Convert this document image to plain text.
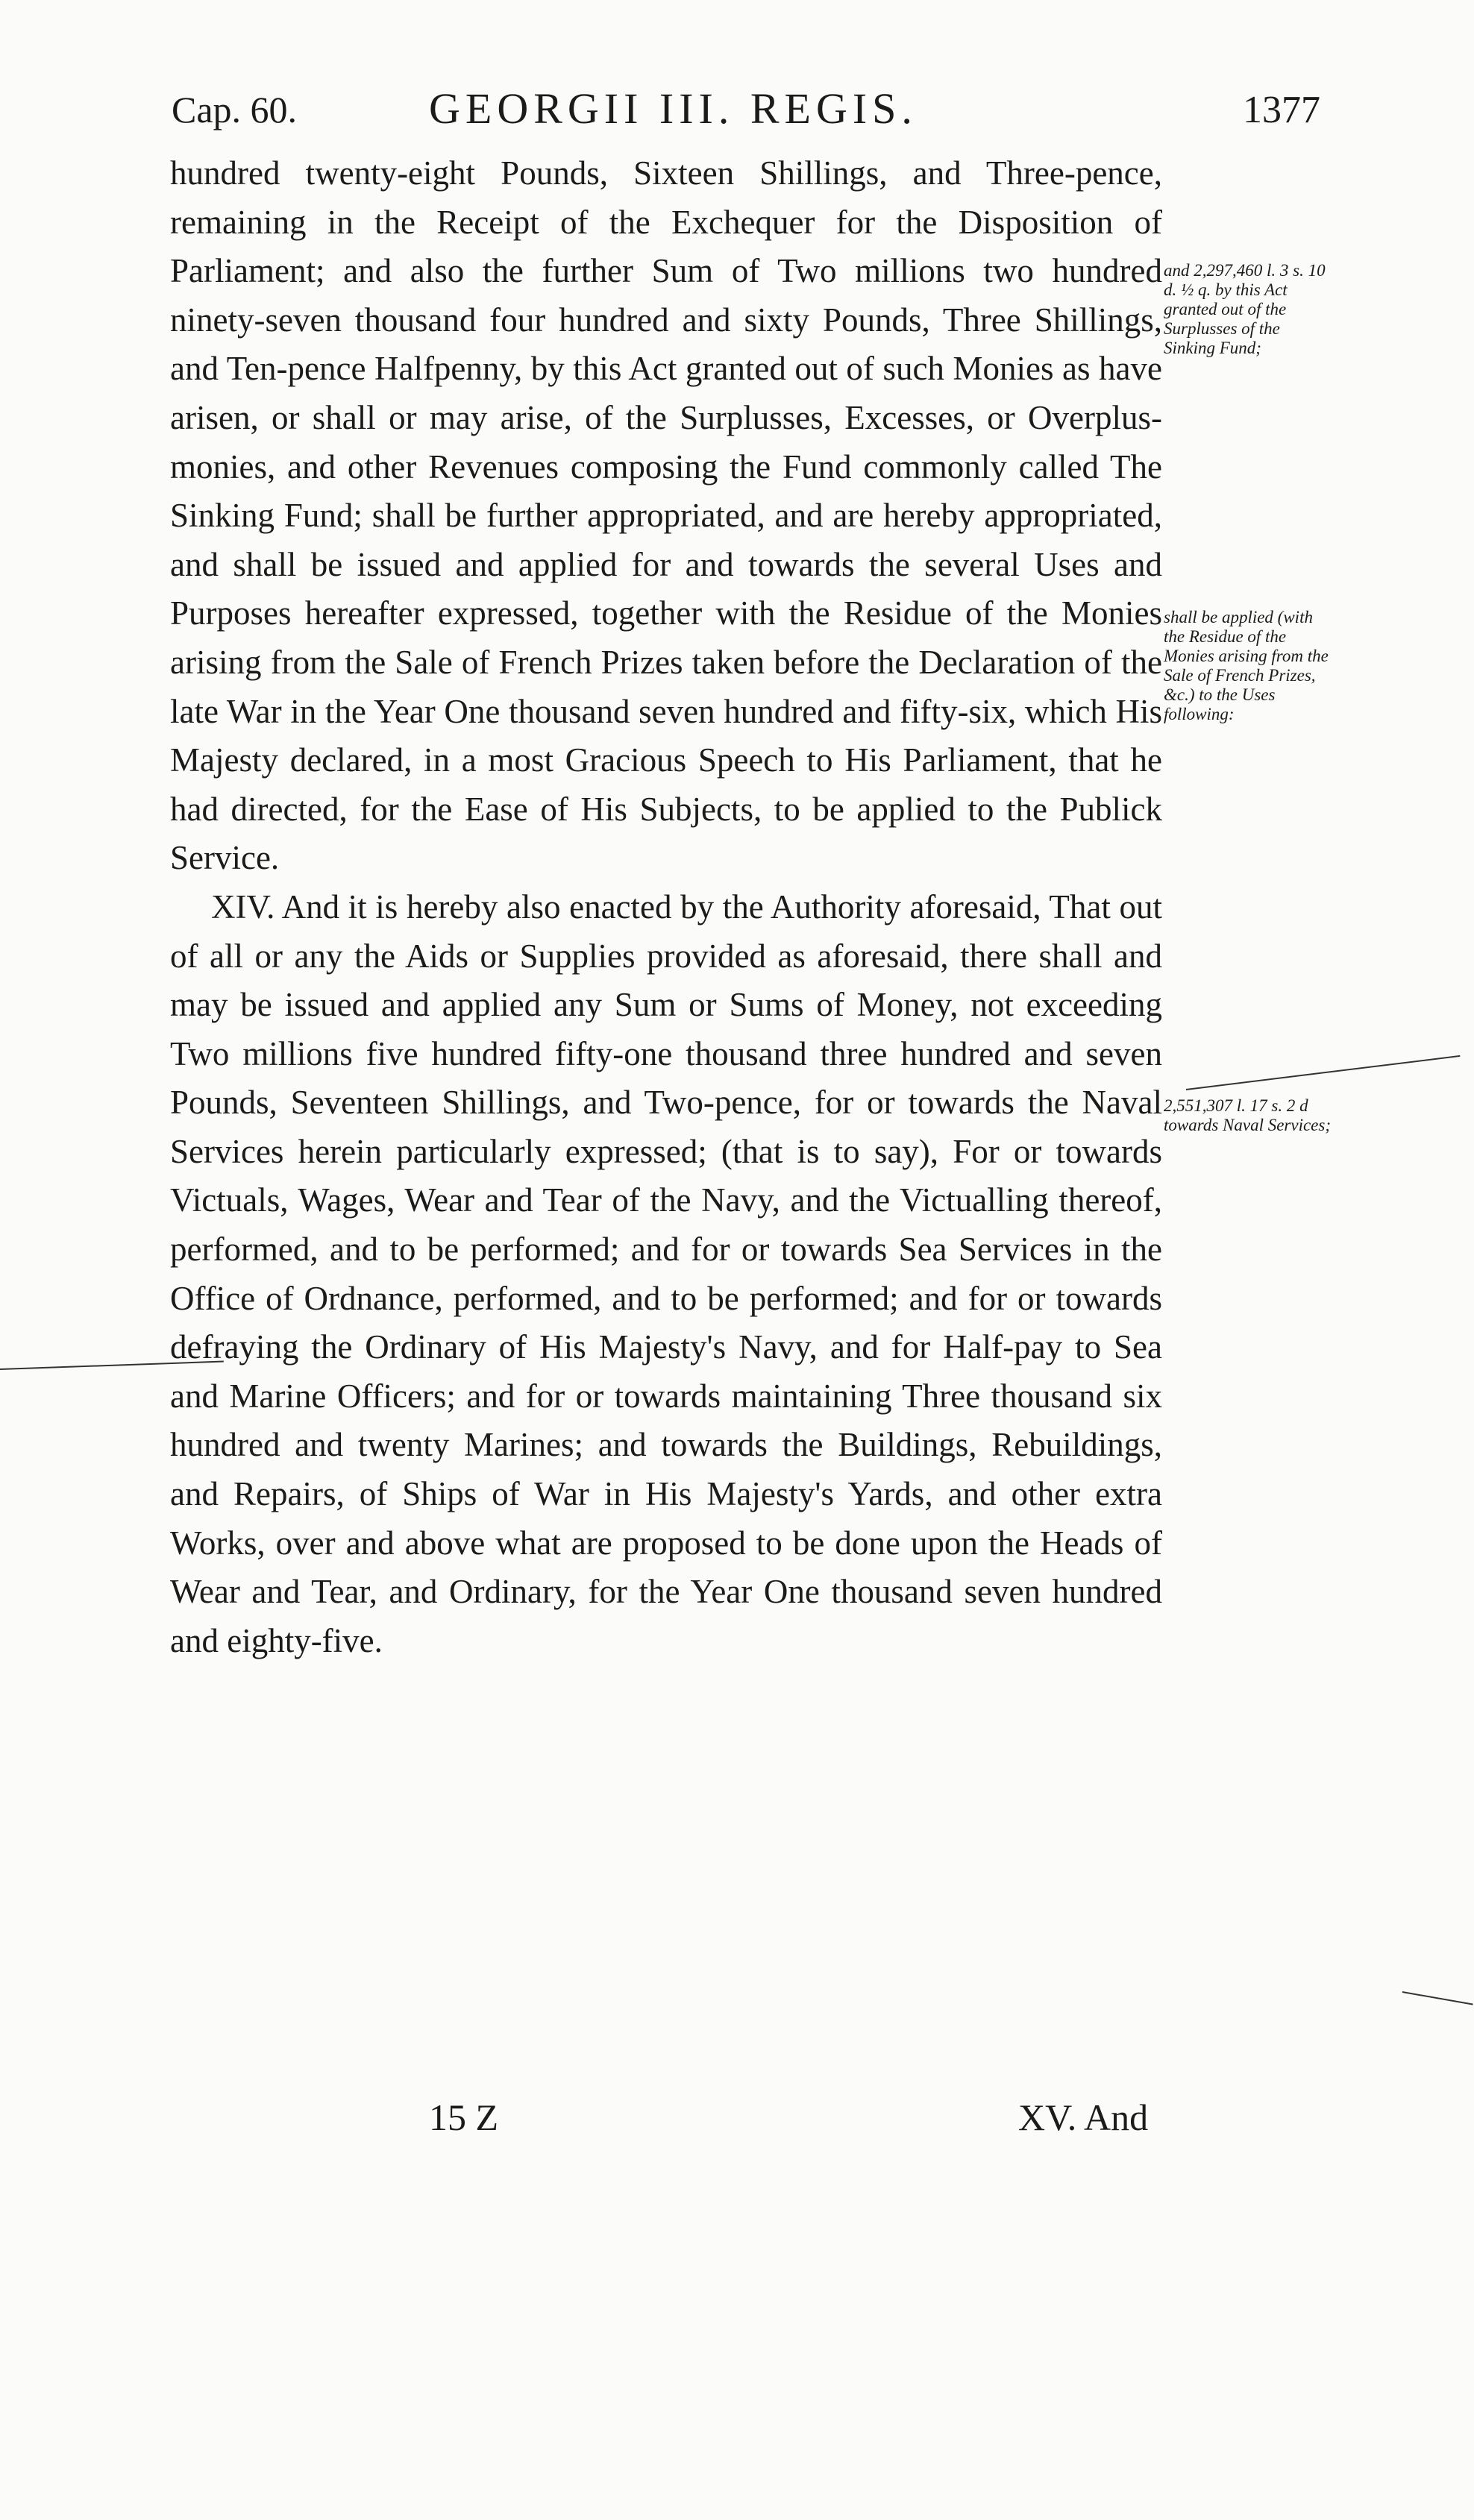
Cap. 60.	GEORGII III. REGIS.	1377

hundred twenty-eight Pounds, Sixteen Shillings, and Three-pence, remaining in the Receipt of the Exchequer for the Disposition of Parliament; and also the further Sum of Two millions two hundred ninety-seven thousand four hundred and sixty Pounds, Three Shillings, and Ten-pence Halfpenny, by this Act granted out of such Monies as have arisen, or shall or may arise, of the Surplusses, Excesses, or Overplus-monies, and other Revenues composing the Fund commonly called The Sinking Fund; shall be further appropriated, and are hereby appropriated, and shall be issued and applied for and towards the several Uses and Purposes hereafter expressed, together with the Residue of the Monies arising from the Sale of French Prizes taken before the Declaration of the late War in the Year One thousand seven hundred and fifty-six, which His Majesty declared, in a most Gracious Speech to His Parliament, that he had directed, for the Ease of His Subjects, to be applied to the Publick Service.

XIV. And it is hereby also enacted by the Authority aforesaid, That out of all or any the Aids or Supplies provided as aforesaid, there shall and may be issued and applied any Sum or Sums of Money, not exceeding Two millions five hundred fifty-one thousand three hundred and seven Pounds, Seventeen Shillings, and Two-pence, for or towards the Naval Services herein particularly expressed; (that is to say), For or towards Victuals, Wages, Wear and Tear of the Navy, and the Victualling thereof, performed, and to be performed; and for or towards Sea Services in the Office of Ordnance, performed, and to be performed; and for or towards defraying the Ordinary of His Majesty's Navy, and for Half-pay to Sea and Marine Officers; and for or towards maintaining Three thousand six hundred and twenty Marines; and towards the Buildings, Rebuildings, and Repairs, of Ships of War in His Majesty's Yards, and other extra Works, over and above what are proposed to be done upon the Heads of Wear and Tear, and Ordinary, for the Year One thousand seven hundred and eighty-five.

and 2,297,460 l. 3 s. 10 d. ½ q. by this Act granted out of the Surplusses of the Sinking Fund;
shall be applied (with the Residue of the Monies arising from the Sale of French Prizes, &c.) to the Uses following:
2,551,307 l. 17 s. 2 d towards Naval Services;
15 Z	XV. And
